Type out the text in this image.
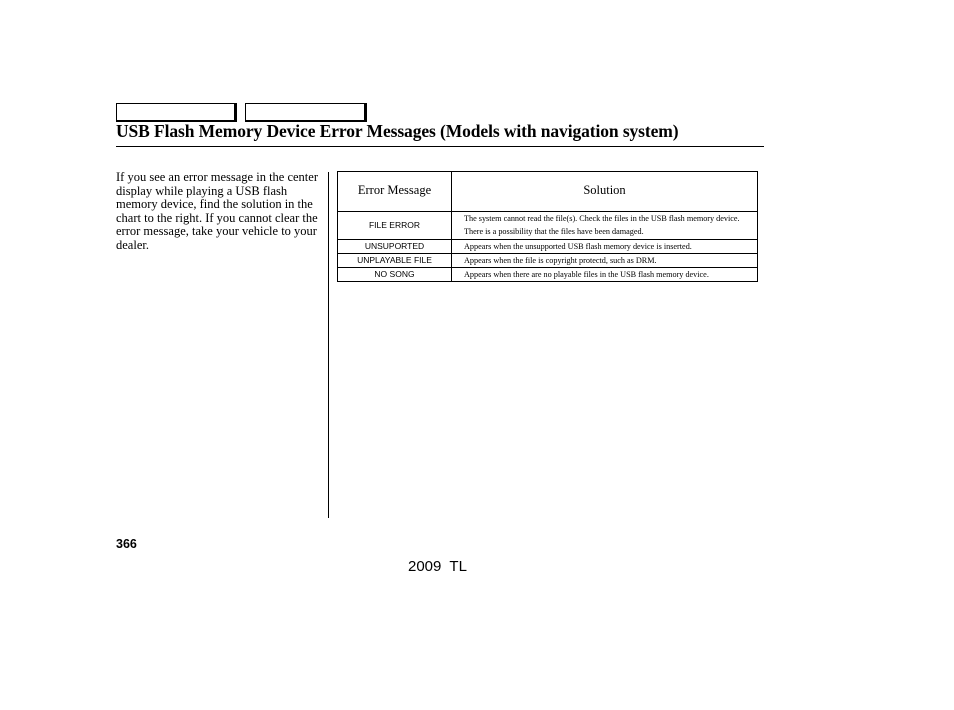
USB Flash Memory Device Error Messages (Models with navigation system)

If you see an error message in the center display while playing a USB flash memory device, find the solution in the chart to the right. If you cannot clear the error message, take your vehicle to your dealer.

Error Message	Solution
FILE ERROR	The system cannot read the file(s). Check the files in the USB flash memory device. There is a possibility that the files have been damaged.
UNSUPORTED	Appears when the unsupported USB flash memory device is inserted.
UNPLAYABLE FILE	Appears when the file is copyright protectd, such as DRM.
NO SONG	Appears when there are no playable files in the USB flash memory device.
366
2009  TL
